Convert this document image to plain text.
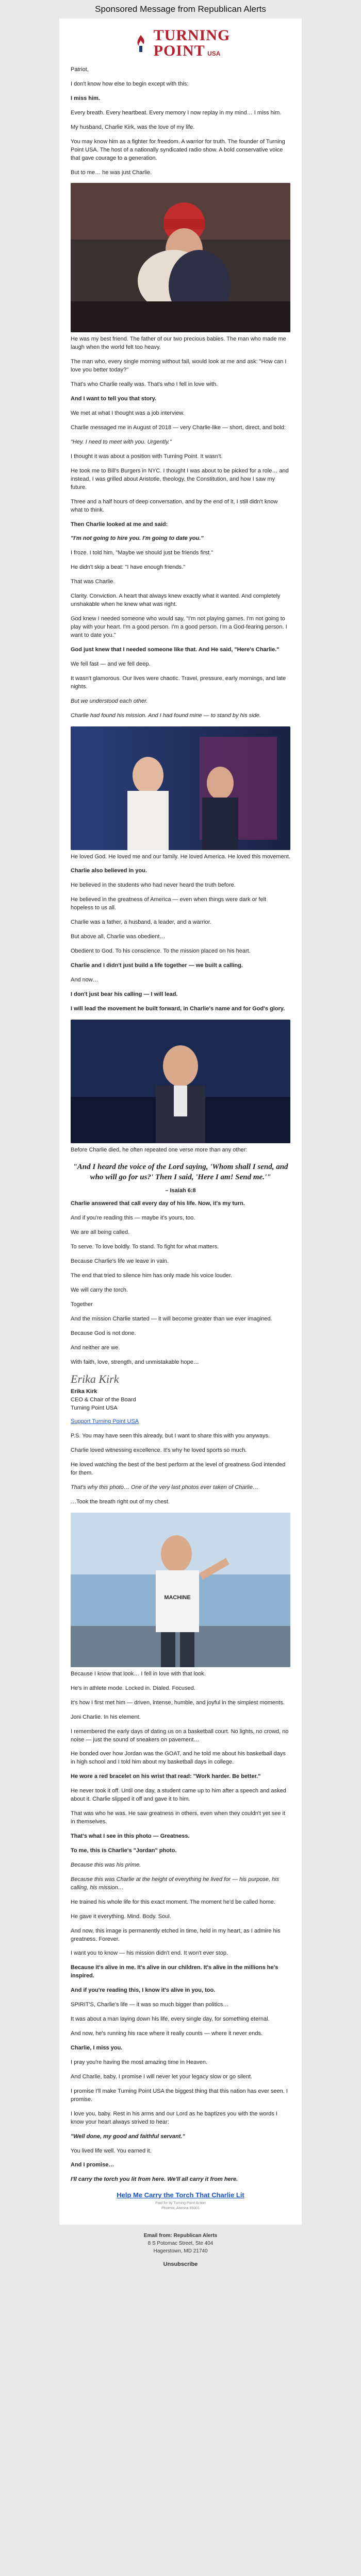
Sponsored Message from Republican Alerts
TURNING
POINT USA

Patriot,

I don't know how else to begin except with this:

I miss him.

Every breath. Every heartbeat. Every memory I now replay in my mind… I miss him.

My husband, Charlie Kirk, was the love of my life.

You may know him as a fighter for freedom. A warrior for truth. The founder of Turning Point USA. The host of a nationally syndicated radio show. A bold conservative voice that gave courage to a generation.

But to me… he was just Charlie.

He was my best friend. The father of our two precious babies. The man who made me laugh when the world felt too heavy.

The man who, every single morning without fail, would look at me and ask: "How can I love you better today?"

That's who Charlie really was. That's who I fell in love with.

And I want to tell you that story.

We met at what I thought was a job interview.

Charlie messaged me in August of 2018 — very Charlie-like — short, direct, and bold:

"Hey. I need to meet with you. Urgently."

I thought it was about a position with Turning Point. It wasn't.

He took me to Bill's Burgers in NYC. I thought I was about to be picked for a role… and instead, I was grilled about Aristotle, theology, the Constitution, and how I saw my future.

Three and a half hours of deep conversation, and by the end of it, I still didn't know what to think.

Then Charlie looked at me and said:

"I'm not going to hire you. I'm going to date you."

I froze. I told him, "Maybe we should just be friends first."

He didn't skip a beat: "I have enough friends."

That was Charlie.

Clarity. Conviction. A heart that always knew exactly what it wanted. And completely unshakable when he knew what was right.

God knew I needed someone who would say, "I'm not playing games. I'm not going to play with your heart. I'm a good person. I'm a good person. I'm a God-fearing person. I want to date you."

God just knew that I needed someone like that. And He said, "Here's Charlie."

We fell fast — and we fell deep.

It wasn't glamorous. Our lives were chaotic. Travel, pressure, early mornings, and late nights.

But we understood each other.

Charlie had found his mission. And I had found mine — to stand by his side.

He loved God. He loved me and our family. He loved America. He loved this movement.

Charlie also believed in you.

He believed in the students who had never heard the truth before.

He believed in the greatness of America — even when things were dark or felt hopeless to us all.

Charlie was a father, a husband, a leader, and a warrior.

But above all, Charlie was obedient…

Obedient to God. To his conscience. To the mission placed on his heart.

Charlie and I didn't just build a life together — we built a calling.

And now…

I don't just bear his calling — I will lead.

I will lead the movement he built forward, in Charlie's name and for God's glory.

Before Charlie died, he often repeated one verse more than any other:

"And I heard the voice of the Lord saying, 'Whom shall I send, and who will go for us?' Then I said, 'Here I am! Send me.'"
– Isaiah 6:8

Charlie answered that call every day of his life. Now, it's my turn.

And if you're reading this — maybe it's yours, too.

We are all being called.

To serve. To love boldly. To stand. To fight for what matters.

Because Charlie's life we leave in vain.

The end that tried to silence him has only made his voice louder.

We will carry the torch.

Together

And the mission Charlie started — it will become greater than we ever imagined.

Because God is not done.

And neither are we.

With faith, love, strength, and unmistakable hope…

Erika Kirk

Erika Kirk
CEO & Chair of the Board
Turning Point USA

Support Turning Point USA

P.S. You may have seen this already, but I want to share this with you anyways.

Charlie loved witnessing excellence. It's why he loved sports so much.

He loved watching the best of the best perform at the level of greatness God intended for them.

That's why this photo… One of the very last photos ever taken of Charlie…

…Took the breath right out of my chest.

MACHINE

Because I know that look… I fell in love with that look.

He's in athlete mode. Locked in. Dialed. Focused.

It's how I first met him — driven, intense, humble, and joyful in the simplest moments.

Joni Charlie. In his element.

I remembered the early days of dating us on a basketball court. No lights, no crowd, no noise — just the sound of sneakers on pavement…

He bonded over how Jordan was the GOAT, and he told me about his basketball days in high school and I told him about my basketball days in college.

He wore a red bracelet on his wrist that read: "Work harder. Be better."

He never took it off. Until one day, a student came up to him after a speech and asked about it. Charlie slipped it off and gave it to him.

That was who he was. He saw greatness in others, even when they couldn't yet see it in themselves.

That's what I see in this photo — Greatness.

To me, this is Charlie's "Jordan" photo.

Because this was his prime.

Because this was Charlie at the height of everything he lived for — his purpose, his calling, his mission…

He trained his whole life for this exact moment. The moment he'd be called home.

He gave it everything. Mind. Body. Soul.

And now, this image is permanently etched in time, held in my heart, as I admire his greatness. Forever.

I want you to know — his mission didn't end. It won't ever stop.

Because it's alive in me. It's alive in our children. It's alive in the millions he's inspired.

And if you're reading this, I know it's alive in you, too.

SPIRIT'S, Charlie's life — it was so much bigger than politics…

It was about a man laying down his life, every single day, for something eternal.

And now, he's running his race where it really counts — where it never ends.

Charlie, I miss you.

I pray you're having the most amazing time in Heaven.

And Charlie, baby, I promise I will never let your legacy slow or go silent.

I promise I'll make Turning Point USA the biggest thing that this nation has ever seen. I promise.

I love you, baby. Rest in his arms and our Lord as he baptizes you with the words I know your heart always strived to hear:

"Well done, my good and faithful servant."

You lived life well. You earned it.

And I promise…

I'll carry the torch you lit from here. We'll all carry it from here.

Help Me Carry the Torch That Charlie Lit
Paid for by Turning Point Action
Phoenix, Arizona 85001
Email from: Republican Alerts
8 S Potomac Street, Ste 404
Hagerstown, MD 21740
Unsubscribe
